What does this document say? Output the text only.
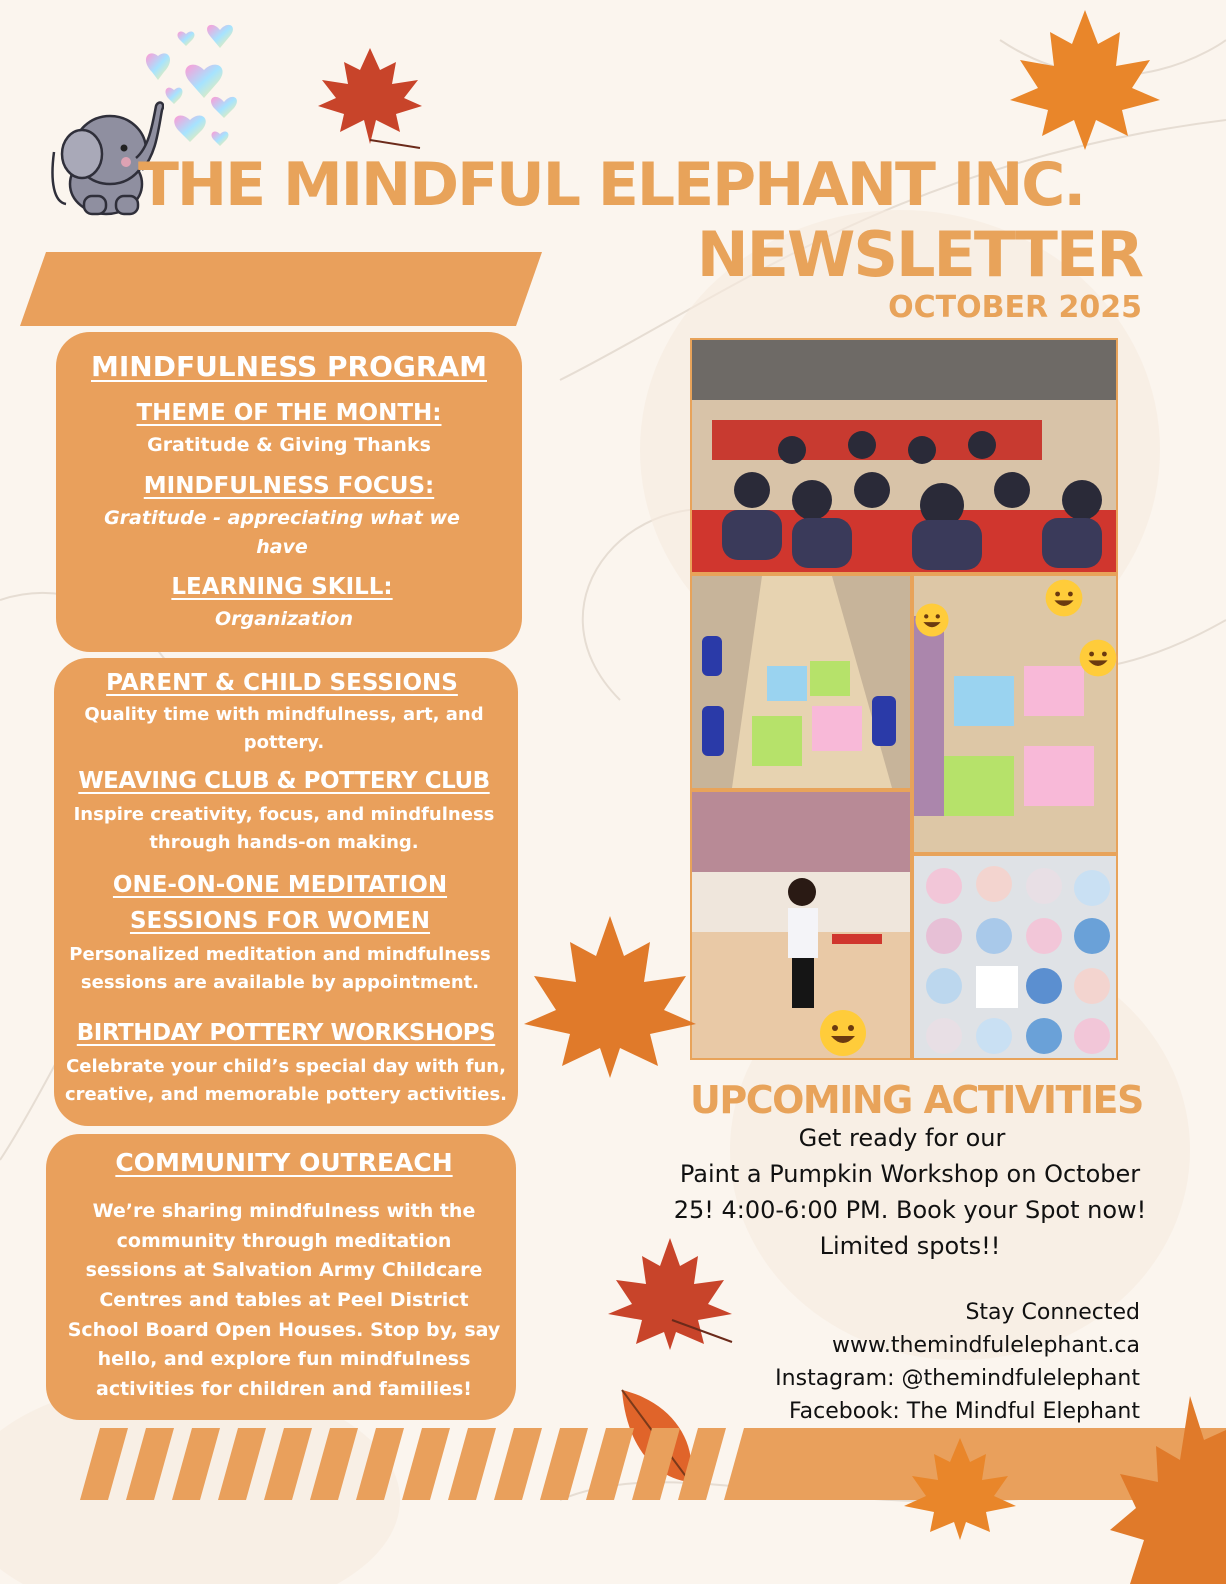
THE MINDFUL ELEPHANT INC.
NEWSLETTER
OCTOBER 2025
MINDFULNESS PROGRAM
THEME OF THE MONTH:
Gratitude & Giving Thanks
MINDFULNESS FOCUS:
Gratitude - appreciating what we
have
LEARNING SKILL:
Organization
PARENT & CHILD SESSIONS
Quality time with mindfulness, art, and
pottery.
WEAVING CLUB & POTTERY CLUB
Inspire creativity, focus, and mindfulness
through hands-on making.
ONE-ON-ONE MEDITATION
SESSIONS FOR WOMEN
Personalized meditation and mindfulness
sessions are available by appointment.
BIRTHDAY POTTERY WORKSHOPS
Celebrate your child’s special day with fun,
creative, and memorable pottery activities.
COMMUNITY OUTREACH
We’re sharing mindfulness with the
community through meditation
sessions at Salvation Army Childcare
Centres and tables at Peel District
School Board Open Houses. Stop by, say
hello, and explore fun mindfulness
activities for children and families!
UPCOMING ACTIVITIES
Get ready for our
Paint a Pumpkin Workshop on October
25! 4:00-6:00 PM. Book your Spot now!
Limited spots!!
Stay Connected
www.themindfulelephant.ca
Instagram: @themindfulelephant
Facebook: The Mindful Elephant
